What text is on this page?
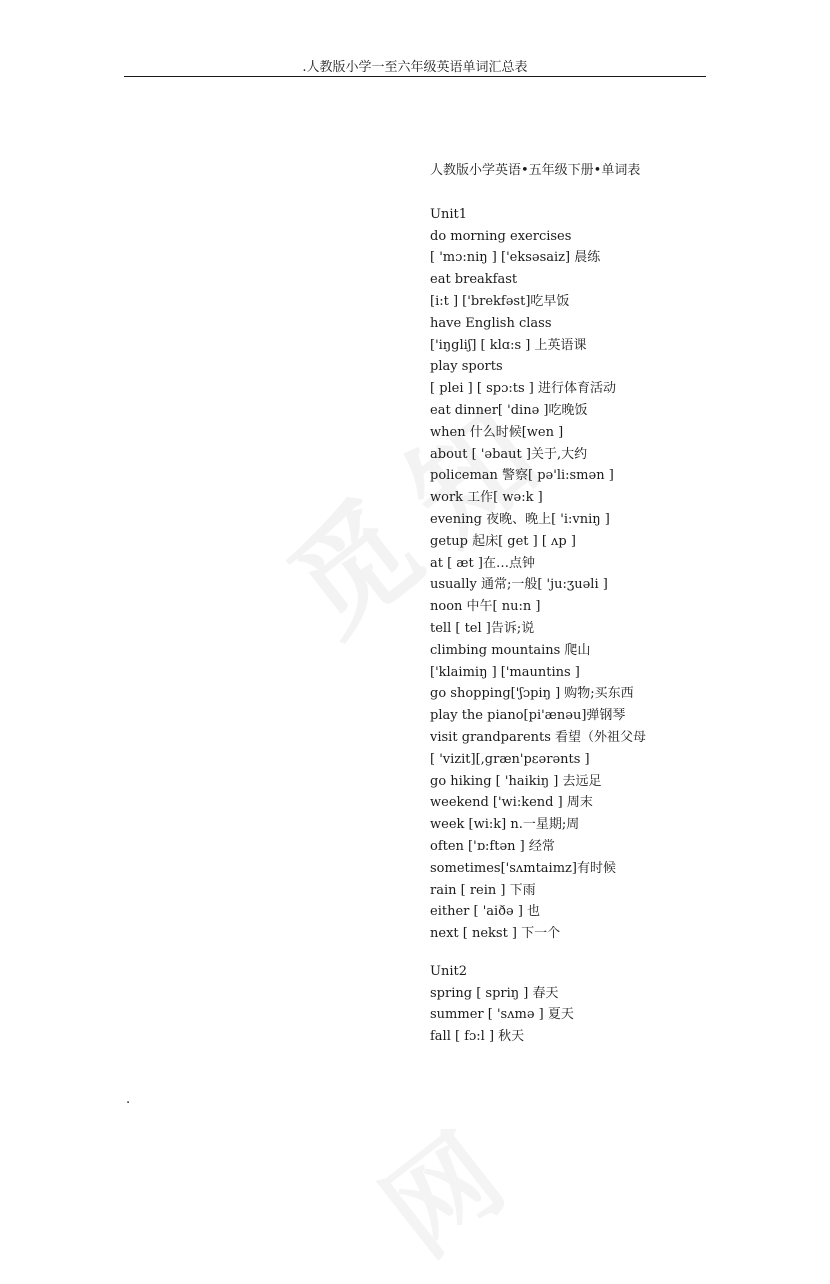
.人教版小学一至六年级英语单词汇总表
人教版小学英语•五年级下册•单词表
Unit1
do morning exercises
[ 'mɔ:niŋ ] ['eksəsaiz] 晨练
eat breakfast
[i:t ] ['brekfəst]吃早饭
have English class
['iŋgliʃ] [ klɑ:s ] 上英语课
play sports
[ plei ] [ spɔ:ts ] 进行体育活动
eat dinner[ 'dinə ]吃晚饭
when 什么时候[wen ]
about [ 'əbaut ]关于,大约
policeman 警察[ pə'li:smən ]
work 工作[ wə:k ]
evening 夜晚、晚上[ 'i:vniŋ ]
getup 起床[ get ] [ ʌp ]
at [ æt ]在…点钟
usually 通常;一般[ 'ju:ʒuəli ]
noon 中午[ nu:n ]
tell [ tel ]告诉;说
climbing mountains 爬山
['klaimiŋ ] ['mauntins ]
go shopping['ʃɔpiŋ ] 购物;买东西
play the piano[pi'ænəu]弹钢琴
visit grandparents 看望（外祖父母
[ 'vizit][,græn'pεərənts ]
go hiking [ 'haikiŋ ] 去远足
weekend ['wi:kend ] 周末
week [wi:k] n.一星期;周
often ['ɒ:ftən ] 经常
sometimes['sʌmtaimz]有时候
rain [ rein ] 下雨
either [ 'aiðə ] 也
next [ nekst ] 下一个
Unit2
spring [ spriŋ ] 春天
summer [ 'sʌmə ] 夏天
fall [ fɔ:l ] 秋天
.
